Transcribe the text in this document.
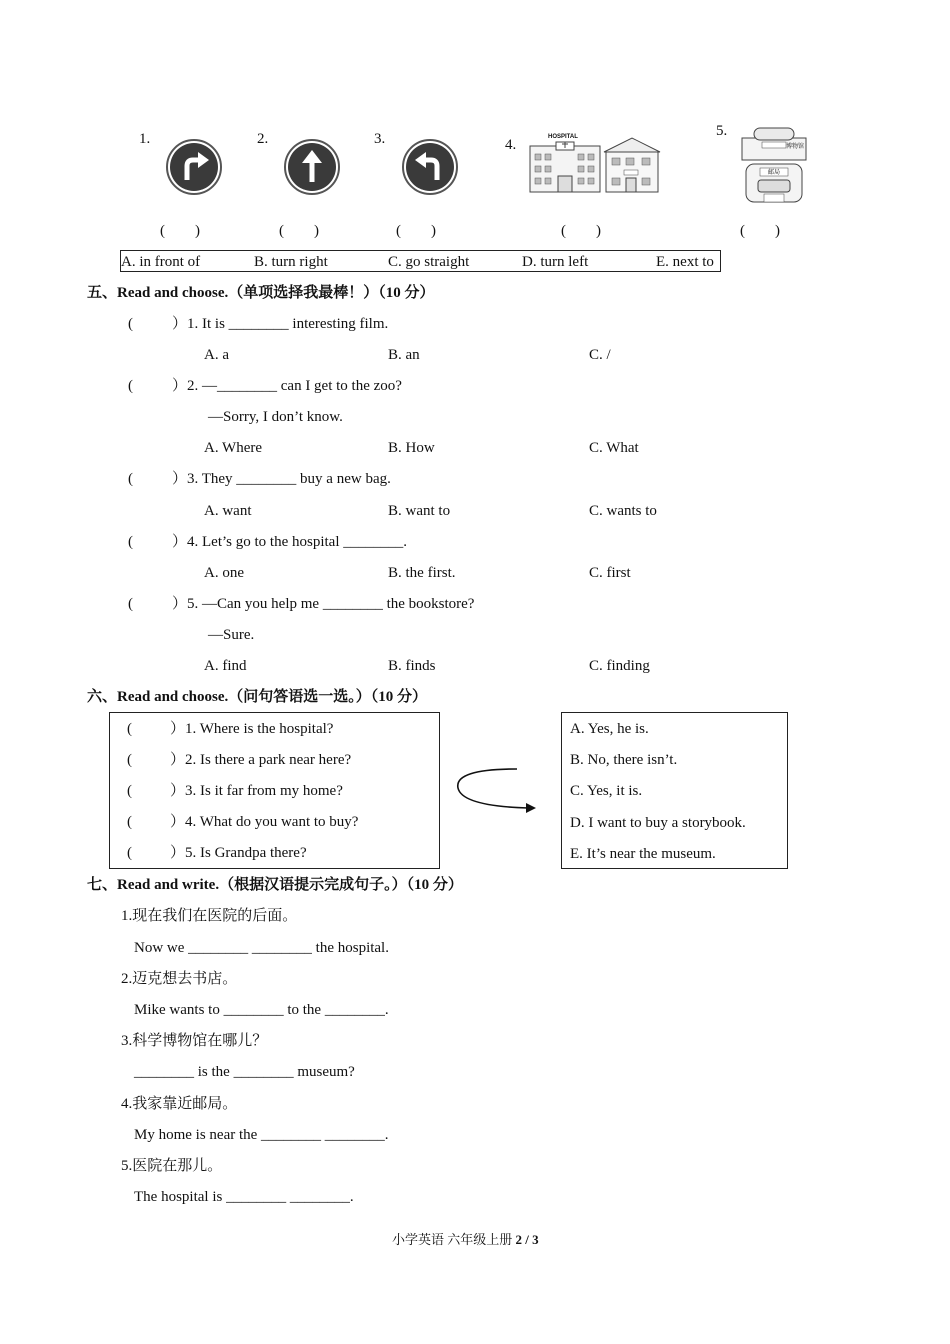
1.	2.	3.	4.
5.
HOSPITAL
博物馆
邮局
(　　)	(　　)	(　　)	(　　)	(　　)
A. in front of	B. turn right	C. go straight	D. turn left	E. next to
五、Read and choose.（单项选择我最棒！）（10 分）
(	）1. It is ________ interesting film.
A. a	B. an	C. /
(	）2. —________ can I get to the zoo?
—Sorry, I don’t know.
A. Where	B. How	C. What
(	）3. They ________ buy a new bag.
A. want	B. want to	C. wants to
(	）4. Let’s go to the hospital ________.
A. one	B. the first.	C. first
(	）5. —Can you help me ________ the bookstore?
—Sure.
A. find	B. finds	C. finding
六、Read and choose.（问句答语选一选。）（10 分）
(	）1. Where is the hospital?
(	）2. Is there a park near here?
(	）3. Is it far from my home?
(	）4. What do you want to buy?
(	）5. Is Grandpa there?
A. Yes, he is.
B. No, there isn’t.
C. Yes, it is.
D. I want to buy a storybook.
E. It’s near the museum.
七、Read and write.（根据汉语提示完成句子。）（10 分）
1.现在我们在医院的后面。
Now we ________ ________ the hospital.
2.迈克想去书店。
Mike wants to ________ to the ________.
3.科学博物馆在哪儿？
________ is the ________ museum?
4.我家靠近邮局。
My home is near the ________ ________.
5.医院在那儿。
The hospital is ________ ________.
小学英语 六年级上册 2 / 3
